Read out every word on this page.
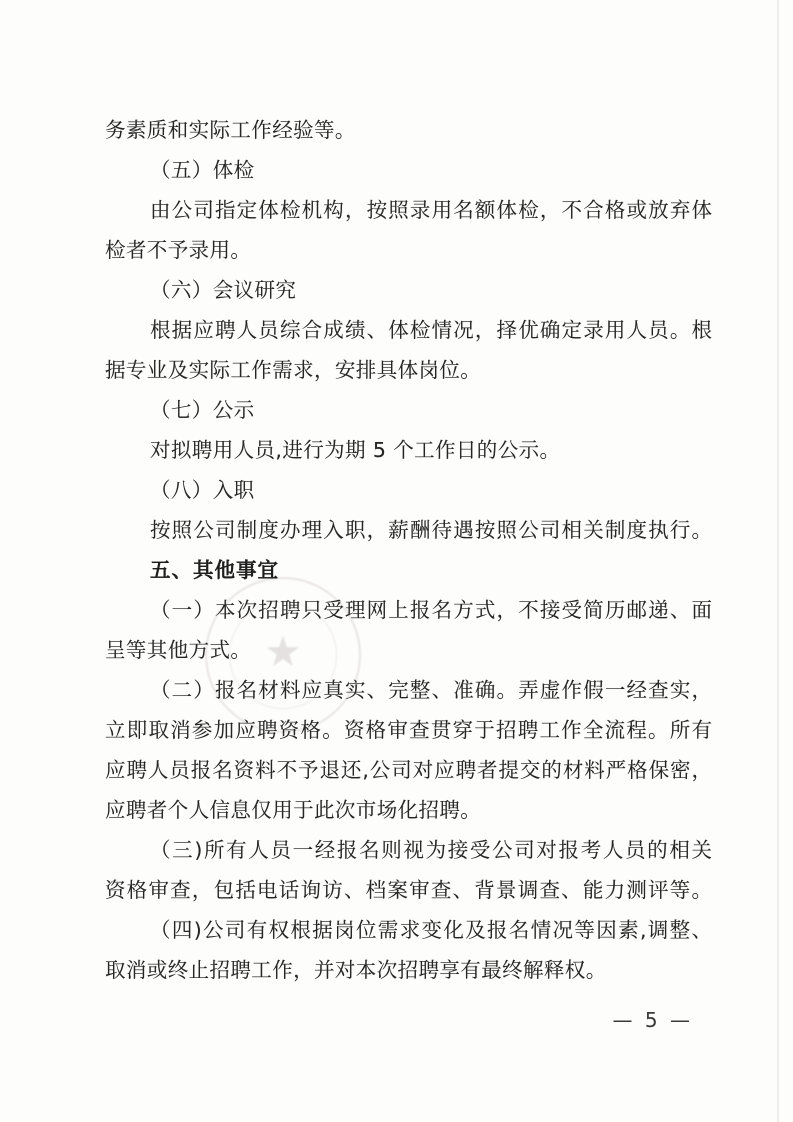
★
务素质和实际工作经验等。
（五）体检
由公司指定体检机构，按照录用名额体检，不合格或放弃体
检者不予录用。
（六）会议研究
根据应聘人员综合成绩、体检情况，择优确定录用人员。根
据专业及实际工作需求，安排具体岗位。
（七）公示
对拟聘用人员,进行为期 5 个工作日的公示。
（八）入职
按照公司制度办理入职，薪酬待遇按照公司相关制度执行。
五、其他事宜
（一）本次招聘只受理网上报名方式，不接受简历邮递、面
呈等其他方式。
（二）报名材料应真实、完整、准确。弄虚作假一经查实，
立即取消参加应聘资格。资格审查贯穿于招聘工作全流程。所有
应聘人员报名资料不予退还,公司对应聘者提交的材料严格保密，
应聘者个人信息仅用于此次市场化招聘。
（三)所有人员一经报名则视为接受公司对报考人员的相关
资格审查，包括电话询访、档案审查、背景调查、能力测评等。
（四)公司有权根据岗位需求变化及报名情况等因素,调整、
取消或终止招聘工作，并对本次招聘享有最终解释权。
— 5 —
